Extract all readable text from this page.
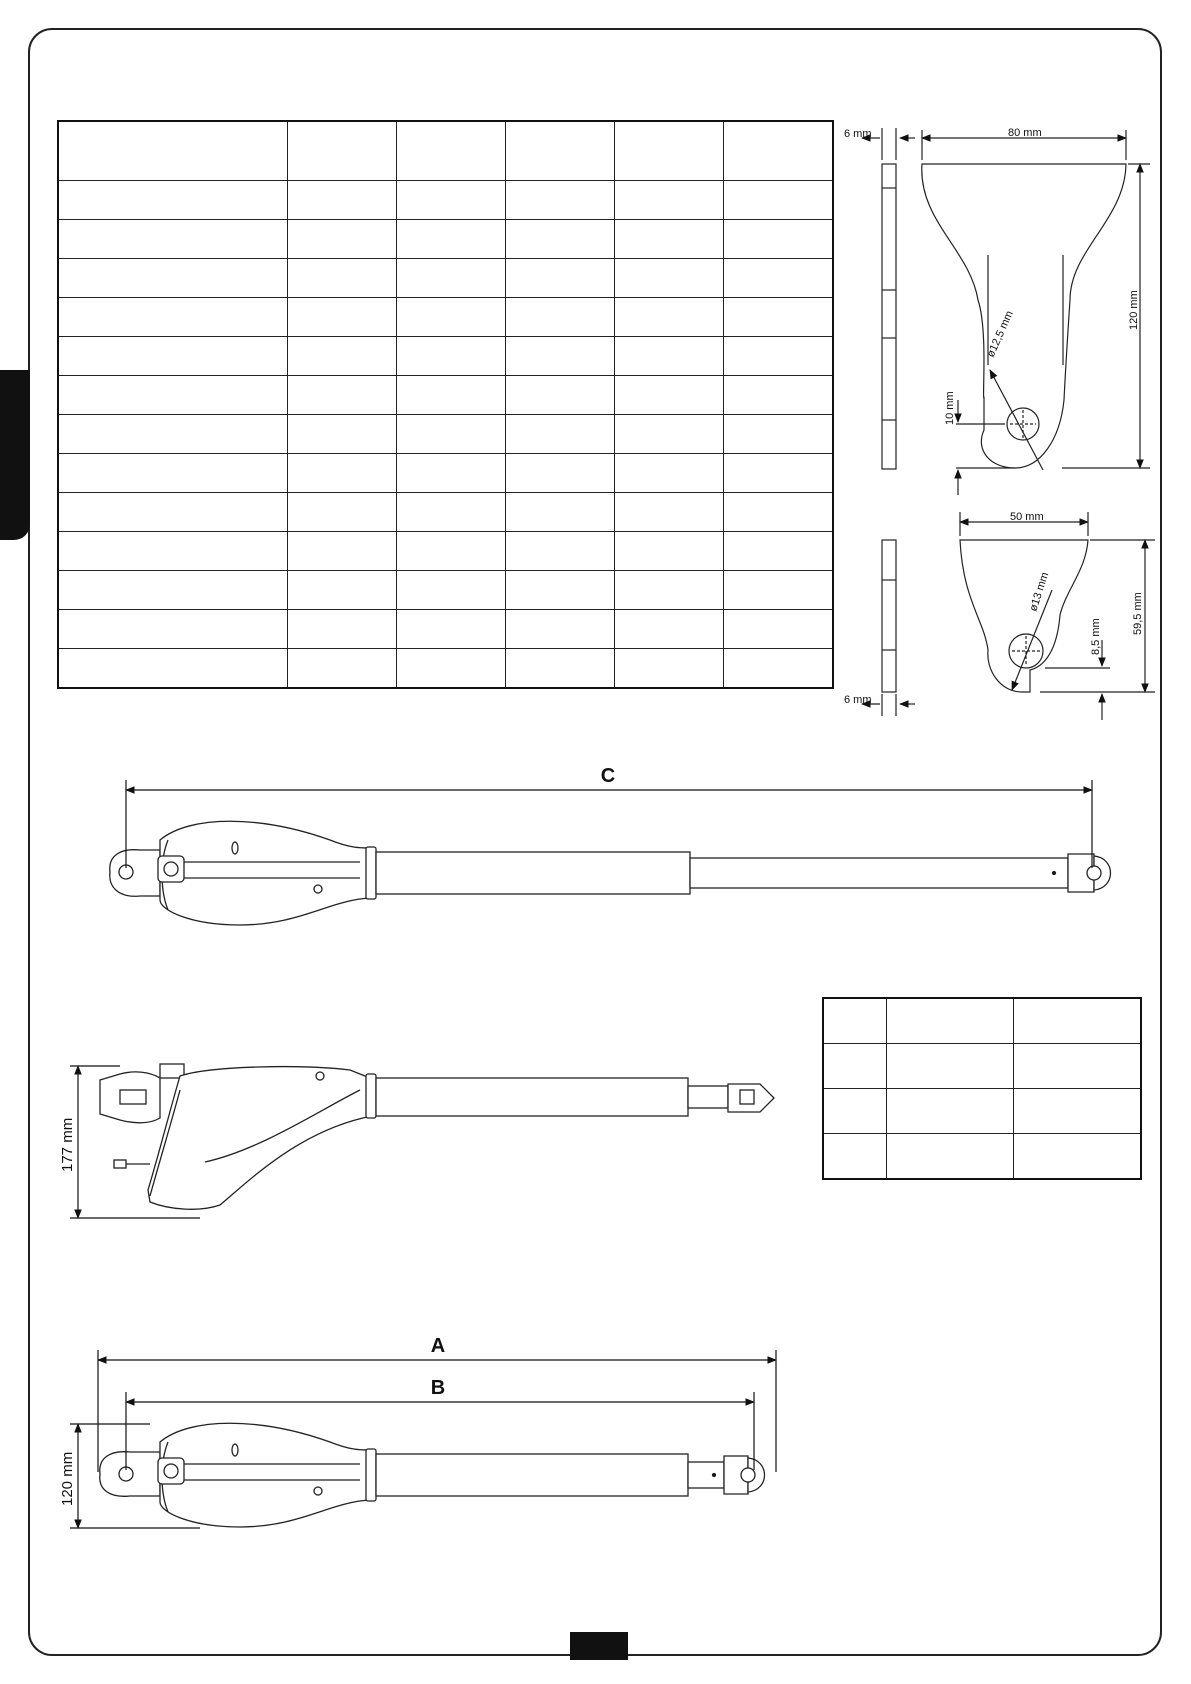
6 mm	80 mm
120 mm
10 mm
ø12,5 mm
50 mm
59,5 mm
8,5 mm
ø13 mm
6 mm
C
177 mm
A
B
120 mm
